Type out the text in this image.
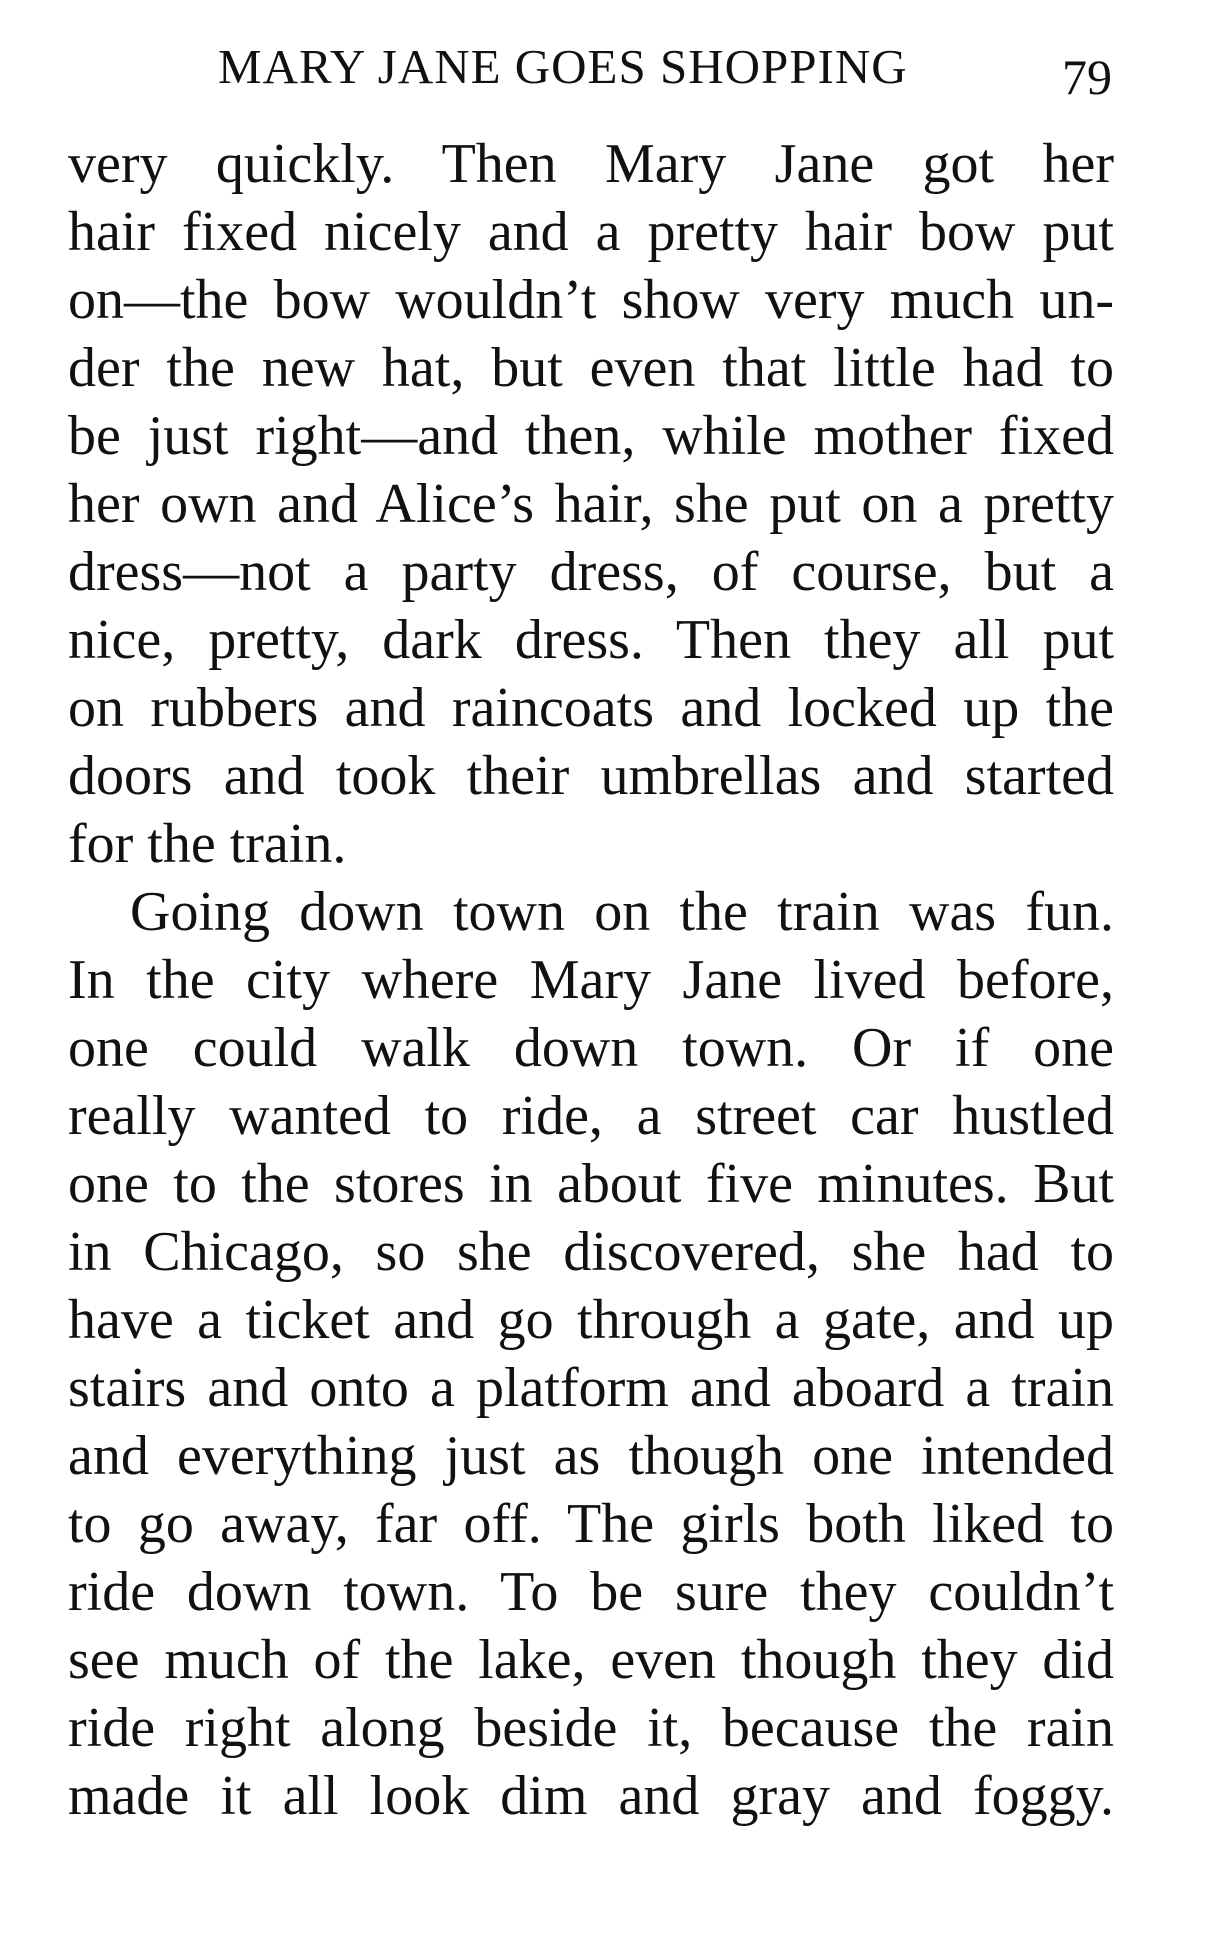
MARY JANE GOES SHOPPING	79
very quickly. Then Mary Jane got her
hair fixed nicely and a pretty hair bow put
on—the bow wouldn’t show very much un-
der the new hat, but even that little had to
be just right—and then, while mother fixed
her own and Alice’s hair, she put on a pretty
dress—not a party dress, of course, but a
nice, pretty, dark dress. Then they all put
on rubbers and raincoats and locked up the
doors and took their umbrellas and started
for the train.
Going down town on the train was fun.
In the city where Mary Jane lived before,
one could walk down town. Or if one
really wanted to ride, a street car hustled
one to the stores in about five minutes. But
in Chicago, so she discovered, she had to
have a ticket and go through a gate, and up
stairs and onto a platform and aboard a train
and everything just as though one intended
to go away, far off. The girls both liked to
ride down town. To be sure they couldn’t
see much of the lake, even though they did
ride right along beside it, because the rain
made it all look dim and gray and foggy.
